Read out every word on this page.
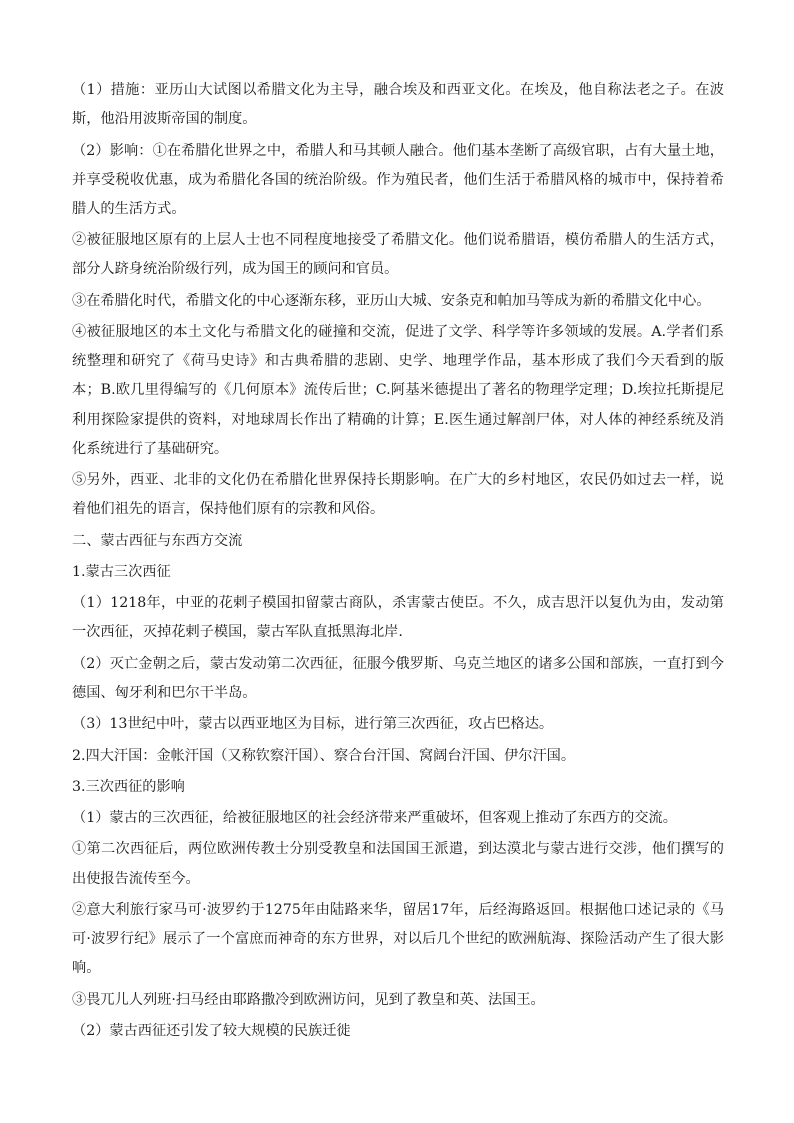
（1）措施：亚历山大试图以希腊文化为主导，融合埃及和西亚文化。在埃及，他自称法老之子。在波斯，他沿用波斯帝国的制度。

（2）影响：①在希腊化世界之中，希腊人和马其顿人融合。他们基本垄断了高级官职，占有大量土地，并享受税收优惠，成为希腊化各国的统治阶级。作为殖民者，他们生活于希腊风格的城市中，保持着希腊人的生活方式。

②被征服地区原有的上层人士也不同程度地接受了希腊文化。他们说希腊语，模仿希腊人的生活方式，部分人跻身统治阶级行列，成为国王的顾问和官员。

③在希腊化时代，希腊文化的中心逐渐东移，亚历山大城、安条克和帕加马等成为新的希腊文化中心。

④被征服地区的本土文化与希腊文化的碰撞和交流，促进了文学、科学等许多领域的发展。A.学者们系统整理和研究了《荷马史诗》和古典希腊的悲剧、史学、地理学作品，基本形成了我们今天看到的版本；B.欧几里得编写的《几何原本》流传后世；C.阿基米德提出了著名的物理学定理；D.埃拉托斯提尼利用探险家提供的资料，对地球周长作出了精确的计算；E.医生通过解剖尸体，对人体的神经系统及消化系统进行了基础研究。

⑤另外，西亚、北非的文化仍在希腊化世界保持长期影响。在广大的乡村地区，农民仍如过去一样，说着他们祖先的语言，保持他们原有的宗教和风俗。

二、蒙古西征与东西方交流

1.蒙古三次西征

（1）1218年，中亚的花剌子模国扣留蒙古商队，杀害蒙古使臣。不久，成吉思汗以复仇为由，发动第一次西征，灭掉花剌子模国，蒙古军队直抵黑海北岸.

（2）灭亡金朝之后，蒙古发动第二次西征，征服今俄罗斯、乌克兰地区的诸多公国和部族，一直打到今德国、匈牙利和巴尔干半岛。

（3）13世纪中叶，蒙古以西亚地区为目标，进行第三次西征，攻占巴格达。

2.四大汗国：金帐汗国（又称钦察汗国）、察合台汗国、窝阔台汗国、伊尔汗国。

3.三次西征的影响

（1）蒙古的三次西征，给被征服地区的社会经济带来严重破坏，但客观上推动了东西方的交流。

①第二次西征后，两位欧洲传教士分别受教皇和法国国王派遣，到达漠北与蒙古进行交涉，他们撰写的出使报告流传至今。

②意大利旅行家马可·波罗约于1275年由陆路来华，留居17年，后经海路返回。根据他口述记录的《马可·波罗行纪》展示了一个富庶而神奇的东方世界，对以后几个世纪的欧洲航海、探险活动产生了很大影响。

③畏兀儿人列班·扫马经由耶路撒冷到欧洲访问，见到了教皇和英、法国王。

（2）蒙古西征还引发了较大规模的民族迁徙
